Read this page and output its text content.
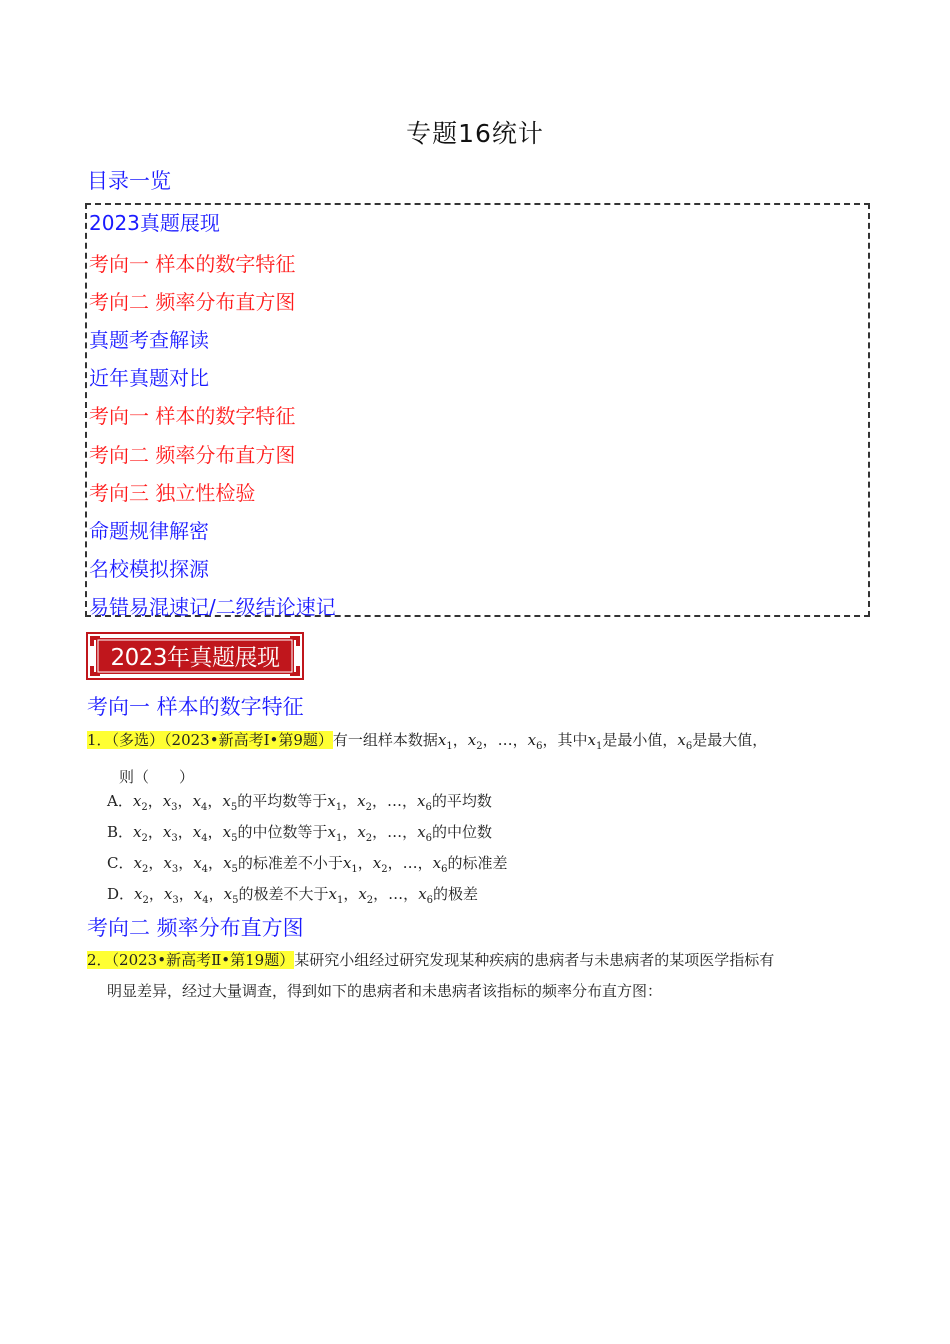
专题16统计
目录一览
2023真题展现
考向一 样本的数字特征
考向二 频率分布直方图
真题考查解读
近年真题对比
考向一 样本的数字特征
考向二 频率分布直方图
考向三 独立性检验
命题规律解密
名校模拟探源
易错易混速记/二级结论速记
2023年真题展现
考向一 样本的数字特征
1．（多选）（2023•新高考Ⅰ•第9题）有一组样本数据$x_1$，$x_2$，…，$x_6$，其中$x_1$是最小值，$x_6$是最大值，
则（　　）
A．$x_2$，$x_3$，$x_4$，$x_5$的平均数等于$x_1$，$x_2$，…，$x_6$的平均数
B．$x_2$，$x_3$，$x_4$，$x_5$的中位数等于$x_1$，$x_2$，…，$x_6$的中位数
C．$x_2$，$x_3$，$x_4$，$x_5$的标准差不小于$x_1$，$x_2$，…，$x_6$的标准差
D．$x_2$，$x_3$，$x_4$，$x_5$的极差不大于$x_1$，$x_2$，…，$x_6$的极差
考向二 频率分布直方图
2．（2023•新高考Ⅱ•第19题）某研究小组经过研究发现某种疾病的患病者与未患病者的某项医学指标有
明显差异，经过大量调查，得到如下的患病者和未患病者该指标的频率分布直方图：
